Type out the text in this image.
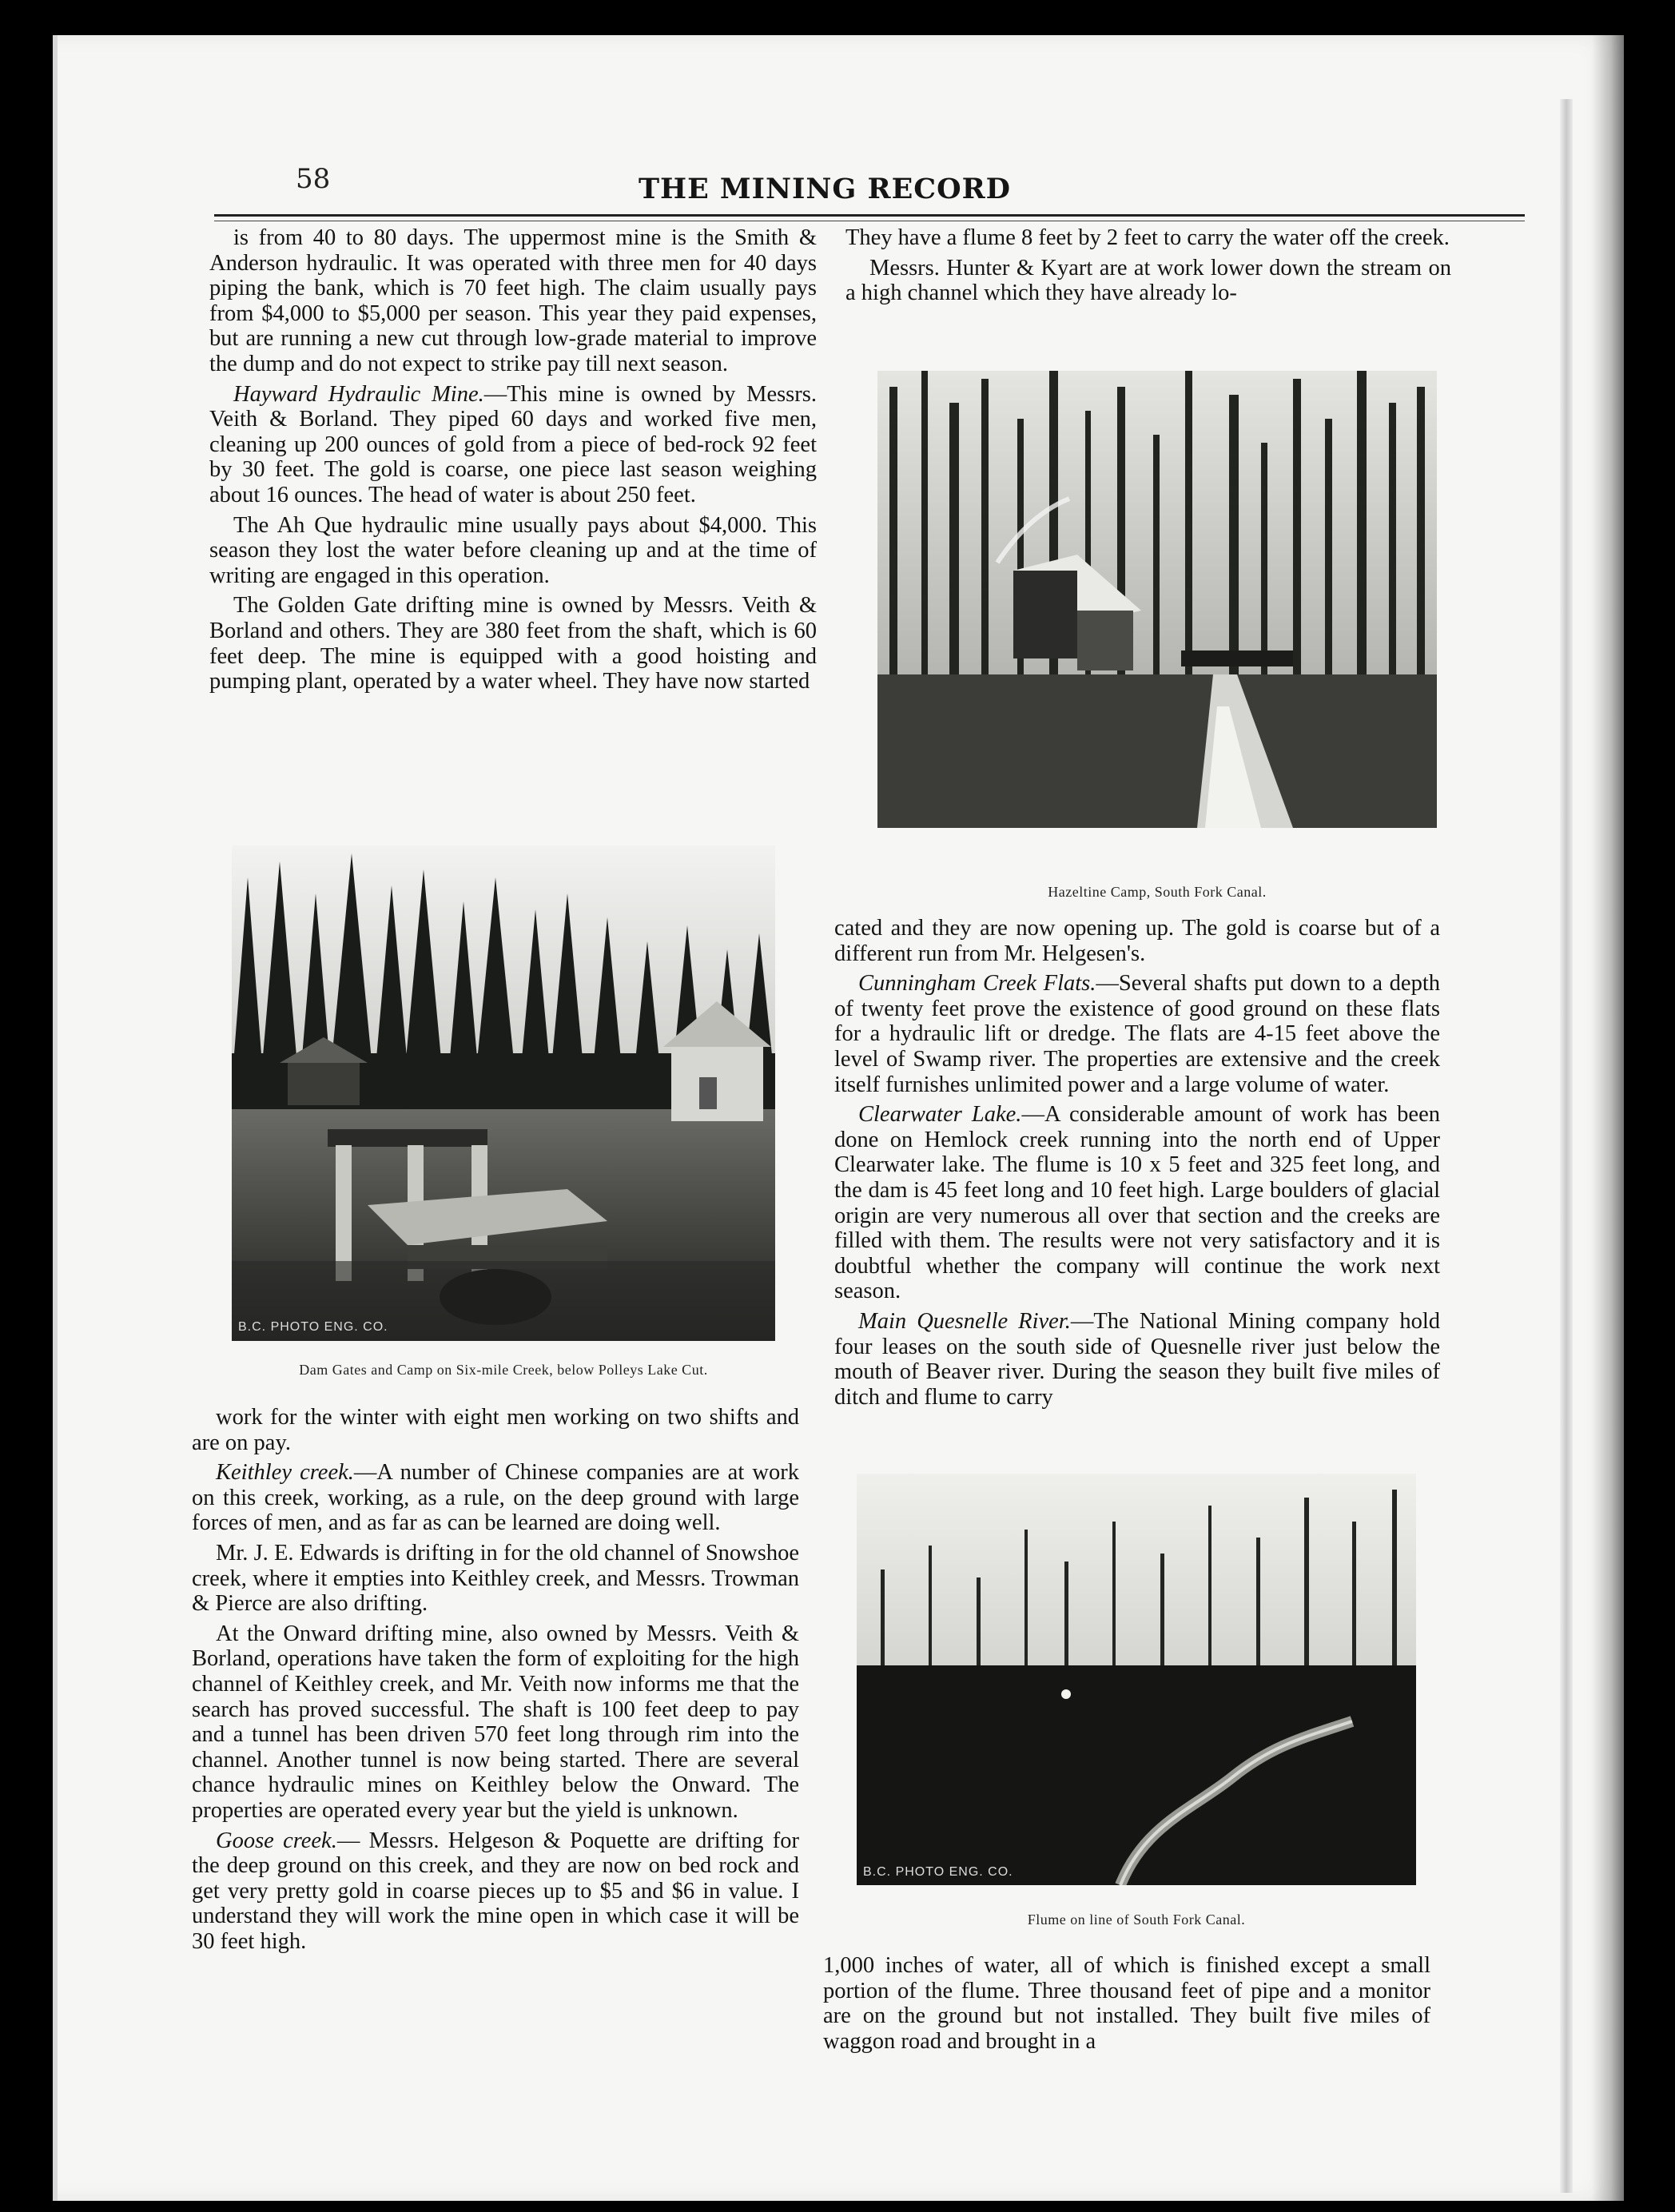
58	THE MINING RECORD

is from 40 to 80 days. The uppermost mine is the Smith & Anderson hydraulic. It was operated with three men for 40 days piping the bank, which is 70 feet high. The claim usually pays from $4,000 to $5,000 per season. This year they paid expenses, but are running a new cut through low-grade material to improve the dump and do not expect to strike pay till next season.

Hayward Hydraulic Mine.—This mine is owned by Messrs. Veith & Borland. They piped 60 days and worked five men, cleaning up 200 ounces of gold from a piece of bed-rock 92 feet by 30 feet. The gold is coarse, one piece last season weighing about 16 ounces. The head of water is about 250 feet.

The Ah Que hydraulic mine usually pays about $4,000. This season they lost the water before cleaning up and at the time of writing are engaged in this operation.

The Golden Gate drifting mine is owned by Messrs. Veith & Borland and others. They are 380 feet from the shaft, which is 60 feet deep. The mine is equipped with a good hoisting and pumping plant, operated by a water wheel. They have now started

B.C. PHOTO ENG. CO.
Dam Gates and Camp on Six-mile Creek, below Polleys Lake Cut.

work for the winter with eight men working on two shifts and are on pay.

Keithley creek.—A number of Chinese companies are at work on this creek, working, as a rule, on the deep ground with large forces of men, and as far as can be learned are doing well.

Mr. J. E. Edwards is drifting in for the old channel of Snowshoe creek, where it empties into Keithley creek, and Messrs. Trowman & Pierce are also drifting.

At the Onward drifting mine, also owned by Messrs. Veith & Borland, operations have taken the form of exploiting for the high channel of Keithley creek, and Mr. Veith now informs me that the search has proved successful. The shaft is 100 feet deep to pay and a tunnel has been driven 570 feet long through rim into the channel. Another tunnel is now being started. There are several chance hydraulic mines on Keithley below the Onward. The properties are operated every year but the yield is unknown.

Goose creek.— Messrs. Helgeson & Poquette are drifting for the deep ground on this creek, and they are now on bed rock and get very pretty gold in coarse pieces up to $5 and $6 in value. I understand they will work the mine open in which case it will be 30 feet high.

They have a flume 8 feet by 2 feet to carry the water off the creek.

Messrs. Hunter & Kyart are at work lower down the stream on a high channel which they have already lo-

Hazeltine Camp, South Fork Canal.

cated and they are now opening up. The gold is coarse but of a different run from Mr. Helgesen's.

Cunningham Creek Flats.—Several shafts put down to a depth of twenty feet prove the existence of good ground on these flats for a hydraulic lift or dredge. The flats are 4-15 feet above the level of Swamp river. The properties are extensive and the creek itself furnishes unlimited power and a large volume of water.

Clearwater Lake.—A considerable amount of work has been done on Hemlock creek running into the north end of Upper Clearwater lake. The flume is 10 x 5 feet and 325 feet long, and the dam is 45 feet long and 10 feet high. Large boulders of glacial origin are very numerous all over that section and the creeks are filled with them. The results were not very satisfactory and it is doubtful whether the company will continue the work next season.

Main Quesnelle River.—The National Mining company hold four leases on the south side of Quesnelle river just below the mouth of Beaver river. During the season they built five miles of ditch and flume to carry

B.C. PHOTO ENG. CO.
Flume on line of South Fork Canal.

1,000 inches of water, all of which is finished except a small portion of the flume. Three thousand feet of pipe and a monitor are on the ground but not installed. They built five miles of waggon road and brought in a
